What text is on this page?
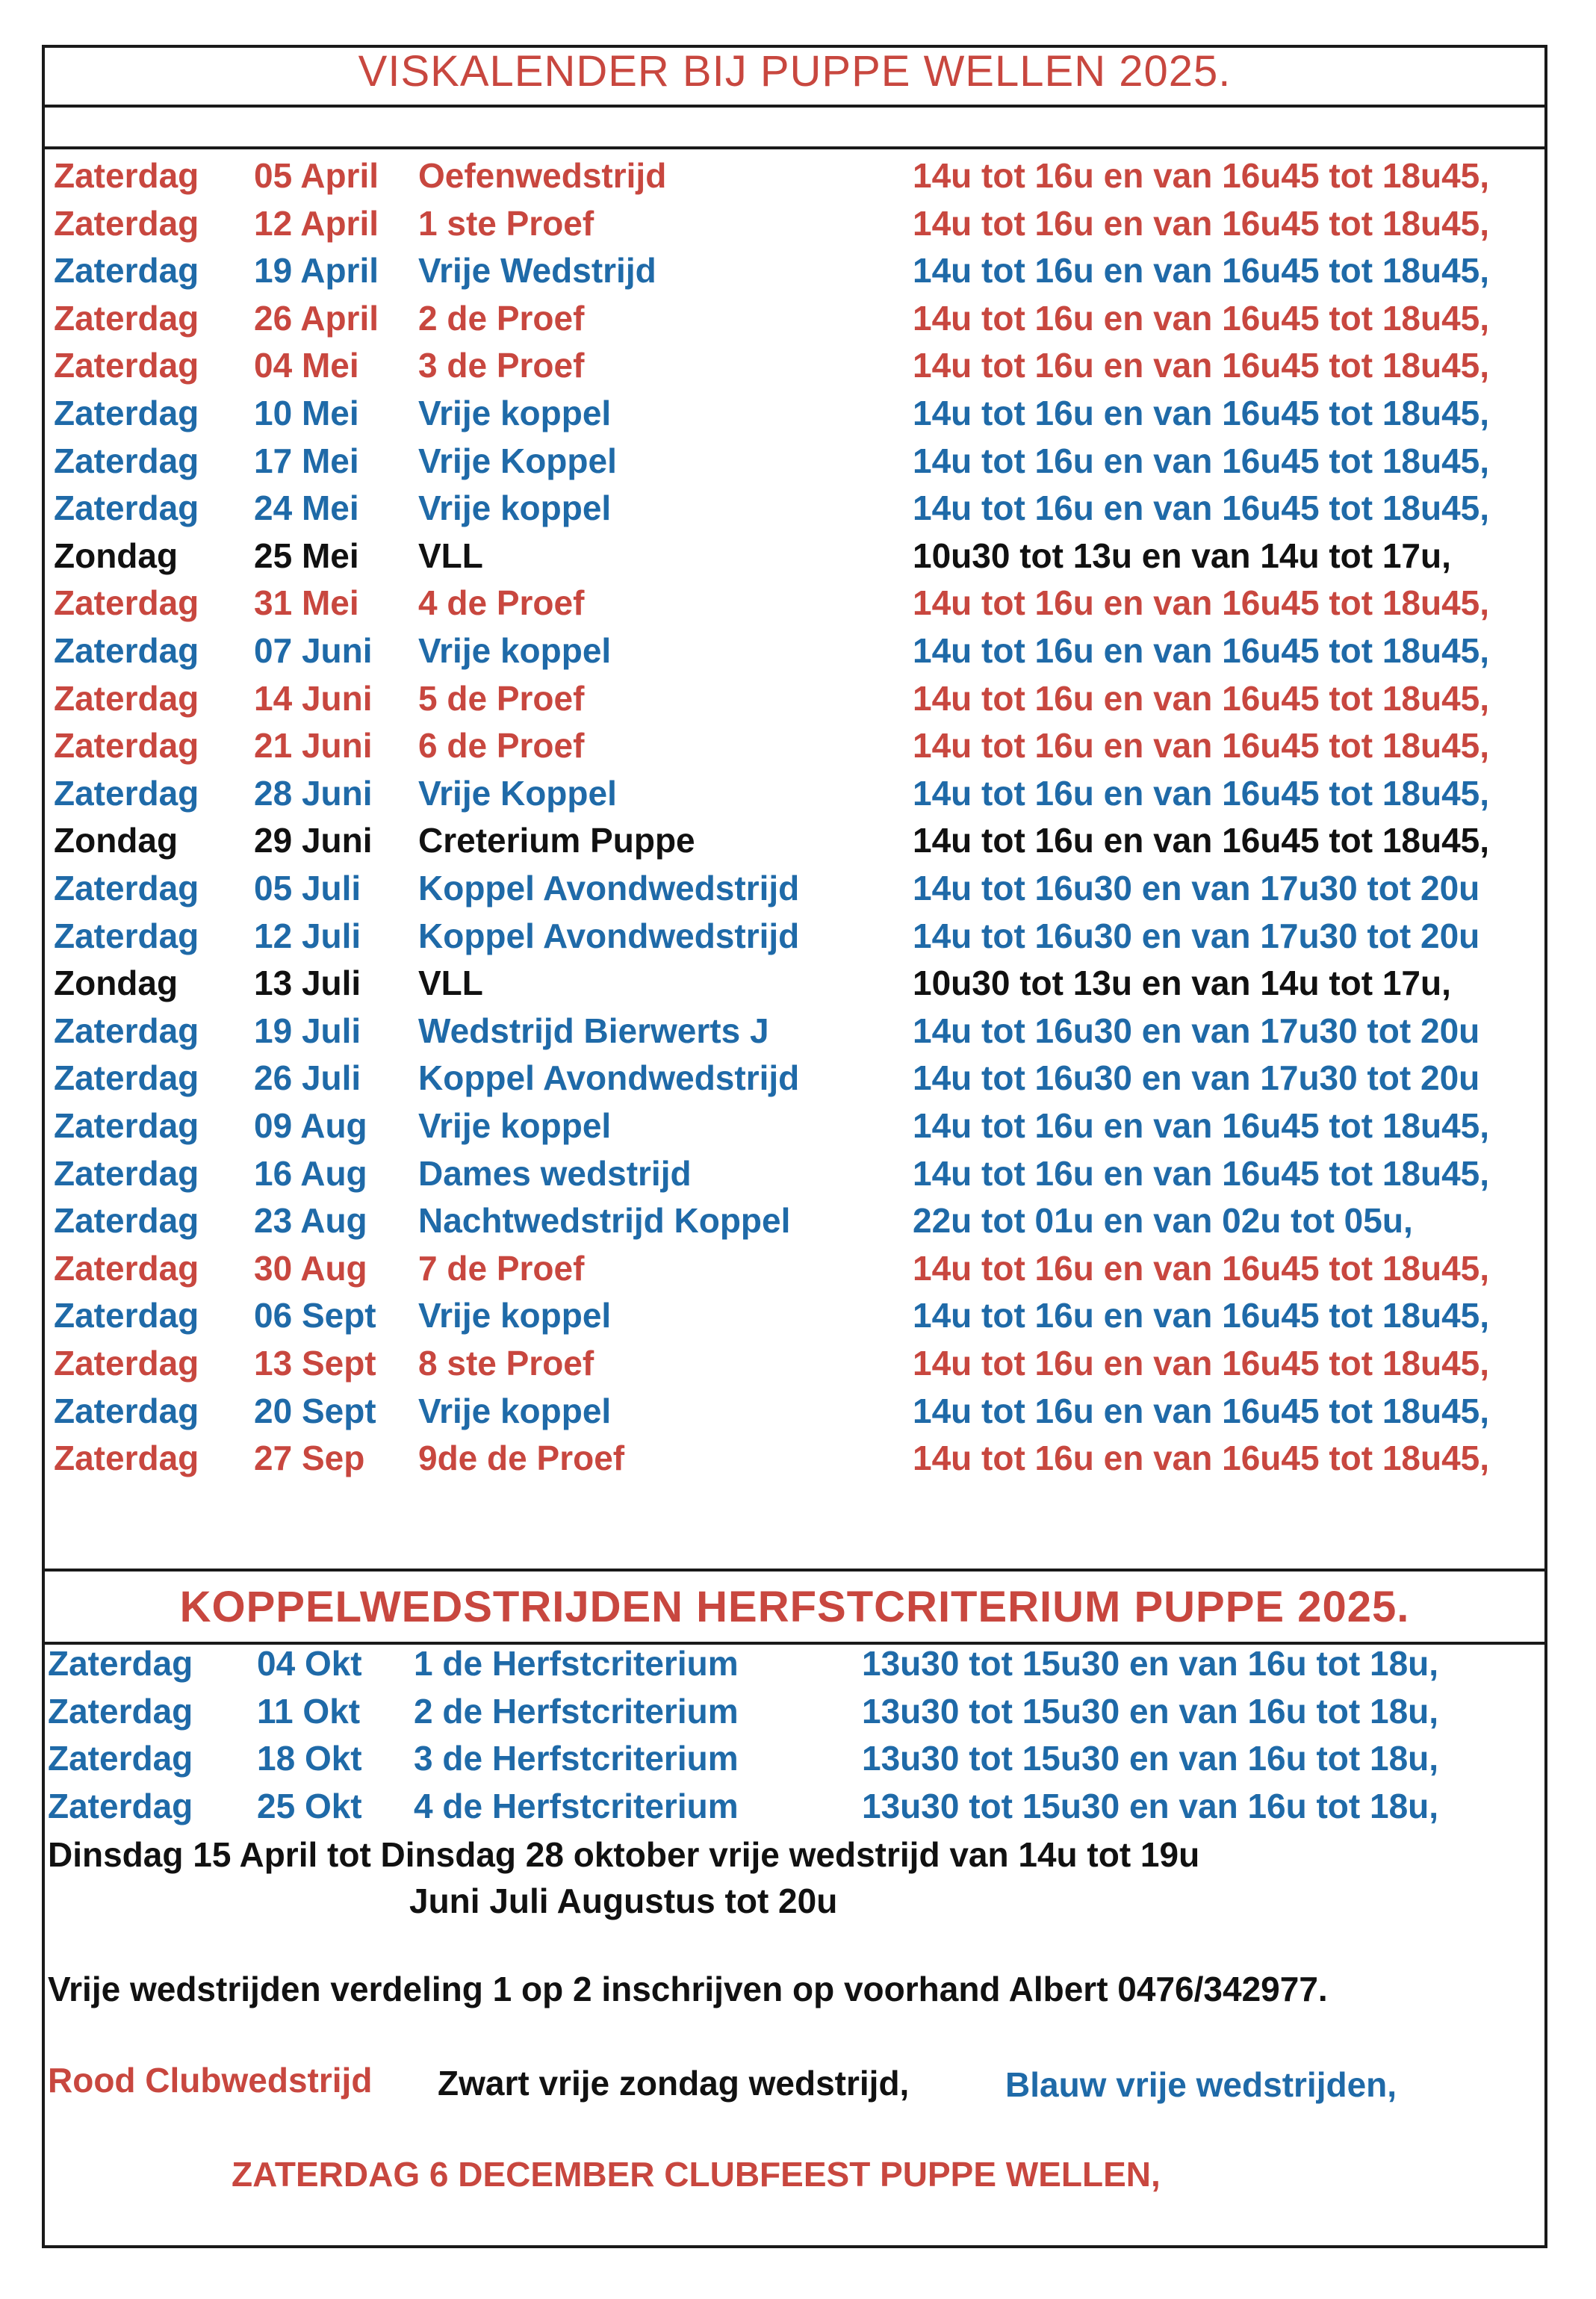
VISKALENDER BIJ PUPPE WELLEN 2025.
Zaterdag 05 April Oefenwedstrijd	14u tot 16u en van 16u45 tot 18u45,
Zaterdag 12 April 1 ste Proef	14u tot 16u en van 16u45 tot 18u45,
Zaterdag 19 April Vrije Wedstrijd	14u tot 16u en van 16u45 tot 18u45,
Zaterdag 26 April 2 de Proef	14u tot 16u en van 16u45 tot 18u45,
Zaterdag 04 Mei 3 de Proef	14u tot 16u en van 16u45 tot 18u45,
Zaterdag 10 Mei Vrije koppel	14u tot 16u en van 16u45 tot 18u45,
Zaterdag 17 Mei Vrije Koppel	14u tot 16u en van 16u45 tot 18u45,
Zaterdag 24 Mei Vrije koppel	14u tot 16u en van 16u45 tot 18u45,
Zondag 25 Mei VLL	10u30 tot 13u en van 14u tot 17u,
Zaterdag 31 Mei 4 de Proef	14u tot 16u en van 16u45 tot 18u45,
Zaterdag 07 Juni Vrije koppel	14u tot 16u en van 16u45 tot 18u45,
Zaterdag 14 Juni 5 de Proef	14u tot 16u en van 16u45 tot 18u45,
Zaterdag 21 Juni 6 de Proef	14u tot 16u en van 16u45 tot 18u45,
Zaterdag 28 Juni Vrije Koppel	14u tot 16u en van 16u45 tot 18u45,
Zondag 29 Juni Creterium Puppe	14u tot 16u en van 16u45 tot 18u45,
Zaterdag 05 Juli Koppel Avondwedstrijd	14u tot 16u30 en van 17u30 tot 20u
Zaterdag 12 Juli Koppel Avondwedstrijd	14u tot 16u30 en van 17u30 tot 20u
Zondag 13 Juli VLL	10u30 tot 13u en van 14u tot 17u,
Zaterdag 19 Juli Wedstrijd Bierwerts J	14u tot 16u30 en van 17u30 tot 20u
Zaterdag 26 Juli Koppel Avondwedstrijd	14u tot 16u30 en van 17u30 tot 20u
Zaterdag 09 Aug Vrije koppel	14u tot 16u en van 16u45 tot 18u45,
Zaterdag 16 Aug Dames wedstrijd	14u tot 16u en van 16u45 tot 18u45,
Zaterdag 23 Aug Nachtwedstrijd Koppel	22u tot 01u en van 02u tot 05u,
Zaterdag 30 Aug 7 de Proef	14u tot 16u en van 16u45 tot 18u45,
Zaterdag 06 Sept Vrije koppel	14u tot 16u en van 16u45 tot 18u45,
Zaterdag 13 Sept 8 ste Proef	14u tot 16u en van 16u45 tot 18u45,
Zaterdag 20 Sept Vrije koppel	14u tot 16u en van 16u45 tot 18u45,
Zaterdag 27 Sep 9de de Proef	14u tot 16u en van 16u45 tot 18u45,
KOPPELWEDSTRIJDEN HERFSTCRITERIUM PUPPE 2025.
Zaterdag 04 Okt 1 de Herfstcriterium	13u30 tot 15u30 en van 16u tot 18u,
Zaterdag 11 Okt 2 de Herfstcriterium	13u30 tot 15u30 en van 16u tot 18u,
Zaterdag 18 Okt 3 de Herfstcriterium	13u30 tot 15u30 en van 16u tot 18u,
Zaterdag 25 Okt 4 de Herfstcriterium	13u30 tot 15u30 en van 16u tot 18u,
Dinsdag 15 April tot Dinsdag 28 oktober vrije wedstrijd van 14u tot 19u
Juni Juli Augustus tot 20u
Vrije wedstrijden verdeling 1 op 2 inschrijven op voorhand Albert 0476/342977.
Rood Clubwedstrijd Zwart vrije zondag wedstrijd,	Blauw vrije wedstrijden,
ZATERDAG 6 DECEMBER CLUBFEEST PUPPE WELLEN,
